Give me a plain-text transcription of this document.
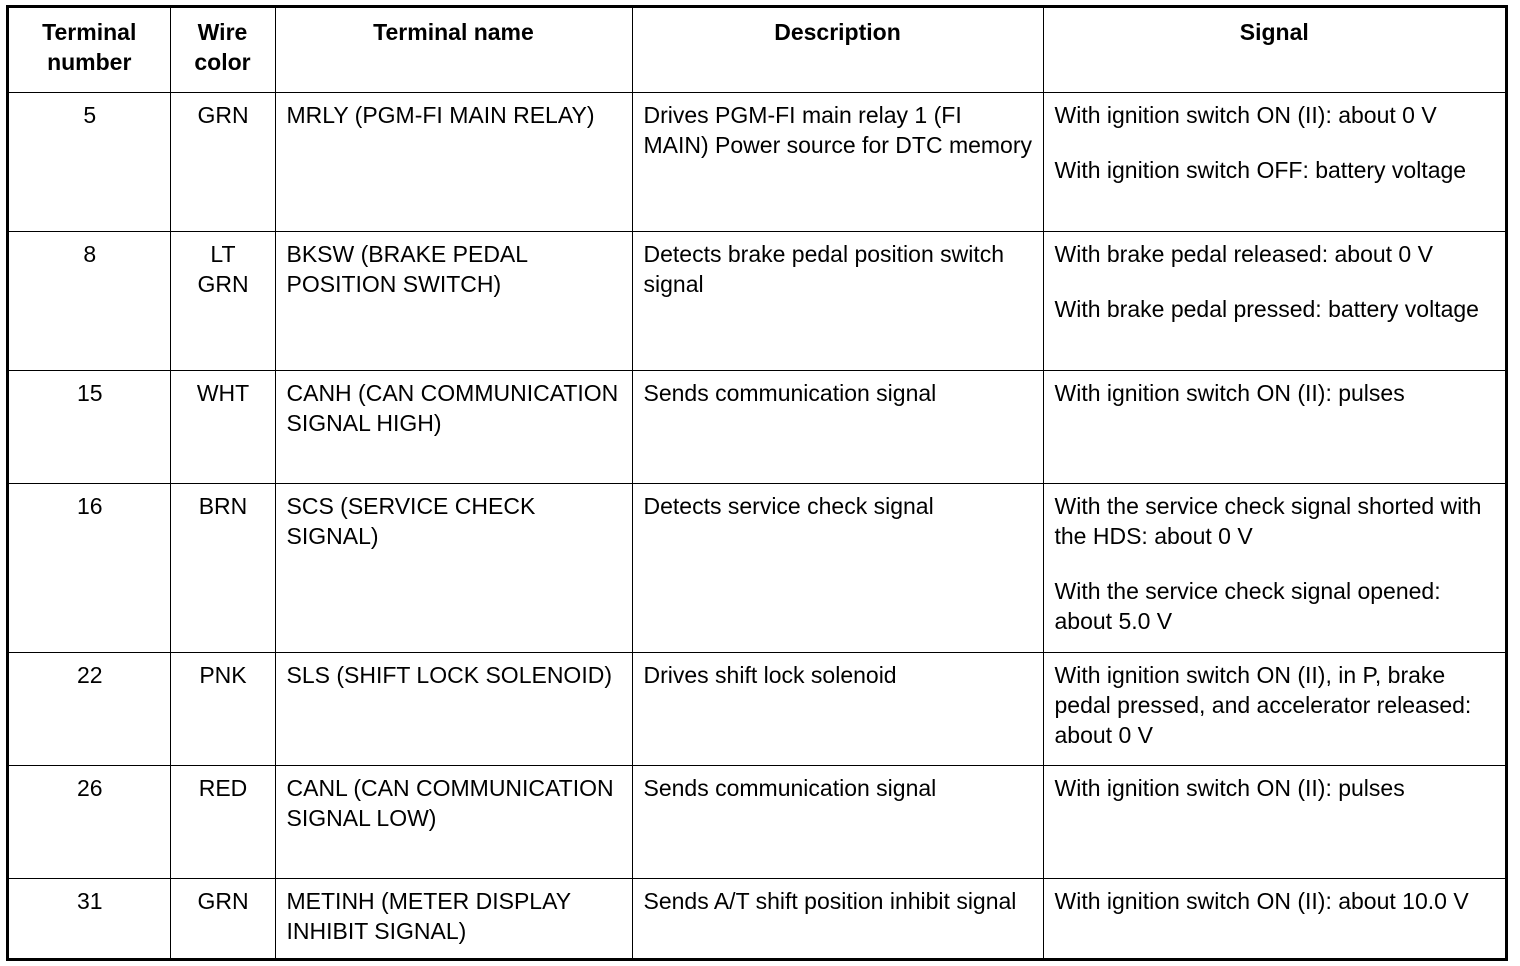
Terminal number	Wire color	Terminal name	Description	Signal
5	GRN	MRLY (PGM-FI MAIN RELAY)	Drives PGM-FI main relay 1 (FI MAIN) Power source for DTC memory	With ignition switch ON (II): about 0 V

With ignition switch OFF: battery voltage

8	LT GRN	BKSW (BRAKE PEDAL POSITION SWITCH)	Detects brake pedal position switch signal	With brake pedal released: about 0 V

With brake pedal pressed: battery voltage

15	WHT	CANH (CAN COMMUNICATION SIGNAL HIGH)	Sends communication signal	With ignition switch ON (II): pulses

16	BRN	SCS (SERVICE CHECK SIGNAL)	Detects service check signal	With the service check signal shorted with the HDS: about 0 V

With the service check signal opened: about 5.0 V

22	PNK	SLS (SHIFT LOCK SOLENOID)	Drives shift lock solenoid	With ignition switch ON (II), in P, brake pedal pressed, and accelerator released: about 0 V

26	RED	CANL (CAN COMMUNICATION SIGNAL LOW)	Sends communication signal	With ignition switch ON (II): pulses

31	GRN	METINH (METER DISPLAY INHIBIT SIGNAL)	Sends A/T shift position inhibit signal	With ignition switch ON (II): about 10.0 V
